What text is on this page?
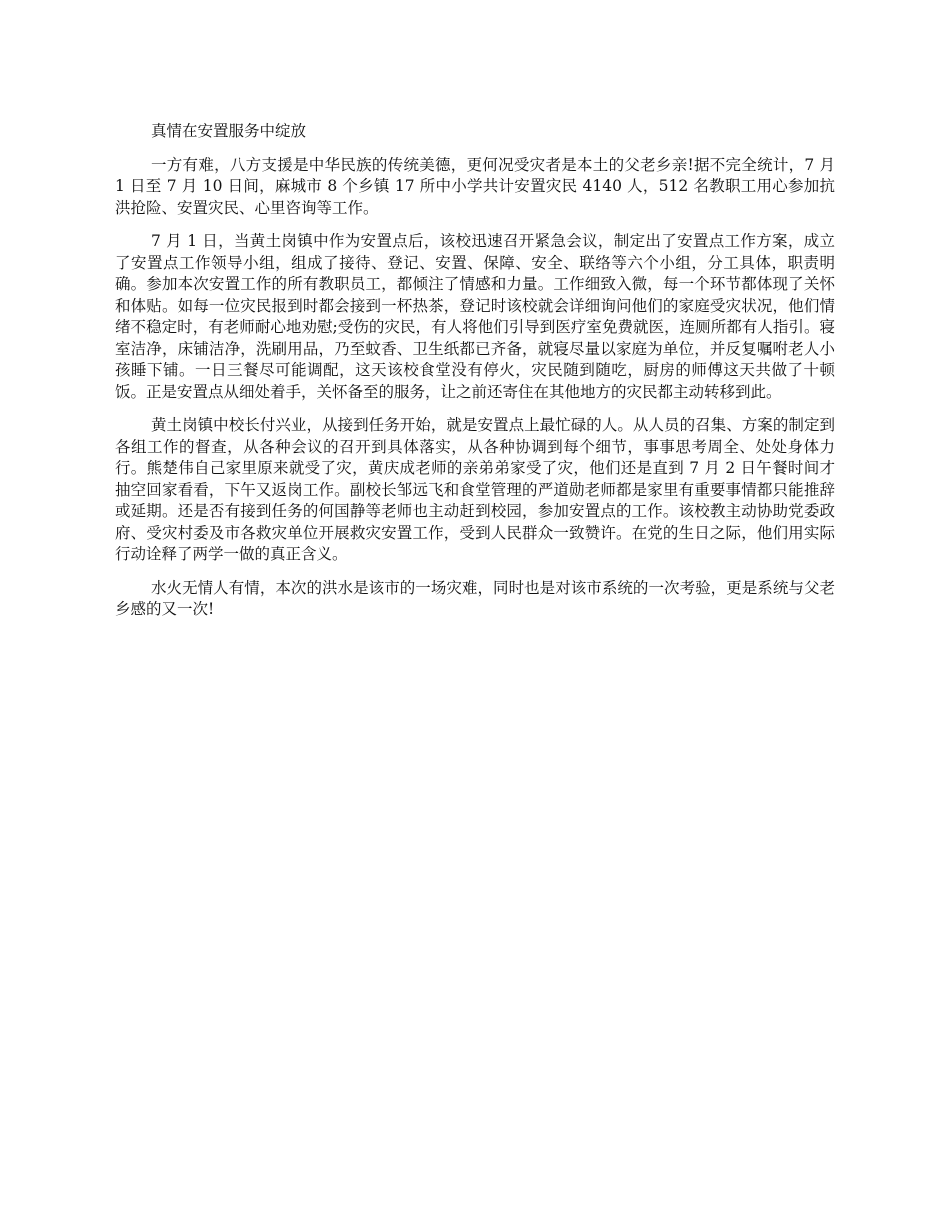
真情在安置服务中绽放

一方有难，八方支援是中华民族的传统美德，更何况受灾者是本土的父老乡亲!据不完全统计，7 月 1 日至 7 月 10 日间，麻城市 8 个乡镇 17 所中小学共计安置灾民 4140 人，512 名教职工用心参加抗洪抢险、安置灾民、心里咨询等工作。

7 月 1 日，当黄土岗镇中作为安置点后，该校迅速召开紧急会议，制定出了安置点工作方案，成立了安置点工作领导小组，组成了接待、登记、安置、保障、安全、联络等六个小组，分工具体，职责明确。参加本次安置工作的所有教职员工，都倾注了情感和力量。工作细致入微，每一个环节都体现了关怀和体贴。如每一位灾民报到时都会接到一杯热茶，登记时该校就会详细询问他们的家庭受灾状况，他们情绪不稳定时，有老师耐心地劝慰;受伤的灾民，有人将他们引导到医疗室免费就医，连厕所都有人指引。寝室洁净，床铺洁净，洗刷用品，乃至蚊香、卫生纸都已齐备，就寝尽量以家庭为单位，并反复嘱咐老人小孩睡下铺。一日三餐尽可能调配，这天该校食堂没有停火，灾民随到随吃，厨房的师傅这天共做了十顿饭。正是安置点从细处着手，关怀备至的服务，让之前还寄住在其他地方的灾民都主动转移到此。

黄土岗镇中校长付兴业，从接到任务开始，就是安置点上最忙碌的人。从人员的召集、方案的制定到各组工作的督查，从各种会议的召开到具体落实，从各种协调到每个细节，事事思考周全、处处身体力行。熊楚伟自己家里原来就受了灾，黄庆成老师的亲弟弟家受了灾，他们还是直到 7 月 2 日午餐时间才抽空回家看看，下午又返岗工作。副校长邹远飞和食堂管理的严道勋老师都是家里有重要事情都只能推辞或延期。还是否有接到任务的何国静等老师也主动赶到校园，参加安置点的工作。该校教主动协助党委政府、受灾村委及市各救灾单位开展救灾安置工作，受到人民群众一致赞许。在党的生日之际，他们用实际行动诠释了两学一做的真正含义。

水火无情人有情，本次的洪水是该市的一场灾难，同时也是对该市系统的一次考验，更是系统与父老乡感的又一次!
